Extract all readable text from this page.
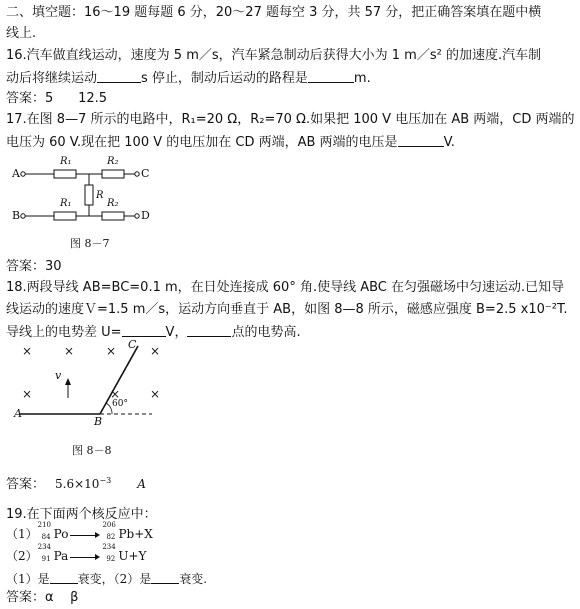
二、填空题：16～19 题每题 6 分，20～27 题每空 3 分，共 57 分，把正确答案填在题中横
线上.
16.汽车做直线运动，速度为 5 m／s，汽车紧急制动后获得大小为 1 m／s² 的加速度.汽车制
动后将继续运动	s 停止，制动后运动的路程是	m.
答案：5      12.5
17.在图 8—7 所示的电路中，R₁=20 Ω，R₂=70 Ω.如果把 100 V 电压加在 AB 两端，CD 两端的
电压为 60 V.现在把 100 V 的电压加在 CD 两端，AB 两端的电压是	V.
A
B
C
D
R₁	R₂
R
R₁	R₂
图 8－7
答案：30
18.两段导线 AB=BC=0.1 m，在日处连接成 60° 角.使导线 ABC 在匀强磁场中匀速运动.已知导
线运动的速度Ｖ=1.5 m／s，运动方向垂直于 AB，如图 8—8 所示，磁感应强度 B=2.5 x10⁻²T.
导线上的电势差 U=	V，	点的电势高.
×	×	×	×
×	× ×
C
v
A
B
60°
图 8－8
答案： $5.6\times 10^{-3}$ A
19.在下面两个核反应中：
（1）
210
84 Po
206
82 Pb+X
（2）
234
91 Pa
234
92 U+Y
（1）是 衰变，（2）是 衰变.
答案：α    β
